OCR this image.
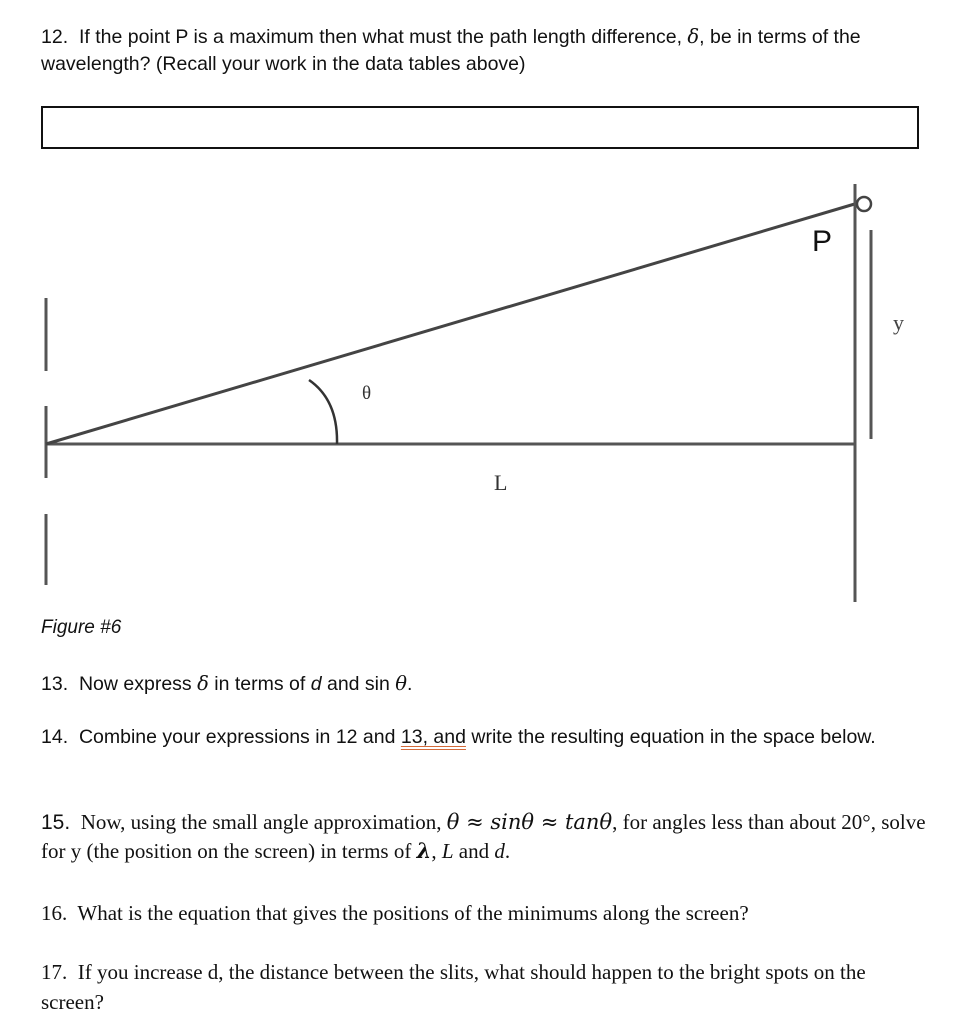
12. If the point P is a maximum then what must the path length difference, δ, be in terms of the wavelength? (Recall your work in the data tables above)

P
θ
L
y

Figure #6

13. Now express δ in terms of d and sin θ.

14. Combine your expressions in 12 and 13, and write the resulting equation in the space below.

15. Now, using the small angle approximation, θ ≈ sinθ ≈ tanθ, for angles less than about 20°, solve for y (the position on the screen) in terms of λ, L and d.

16. What is the equation that gives the positions of the minimums along the screen?

17. If you increase d, the distance between the slits, what should happen to the bright spots on the screen?
